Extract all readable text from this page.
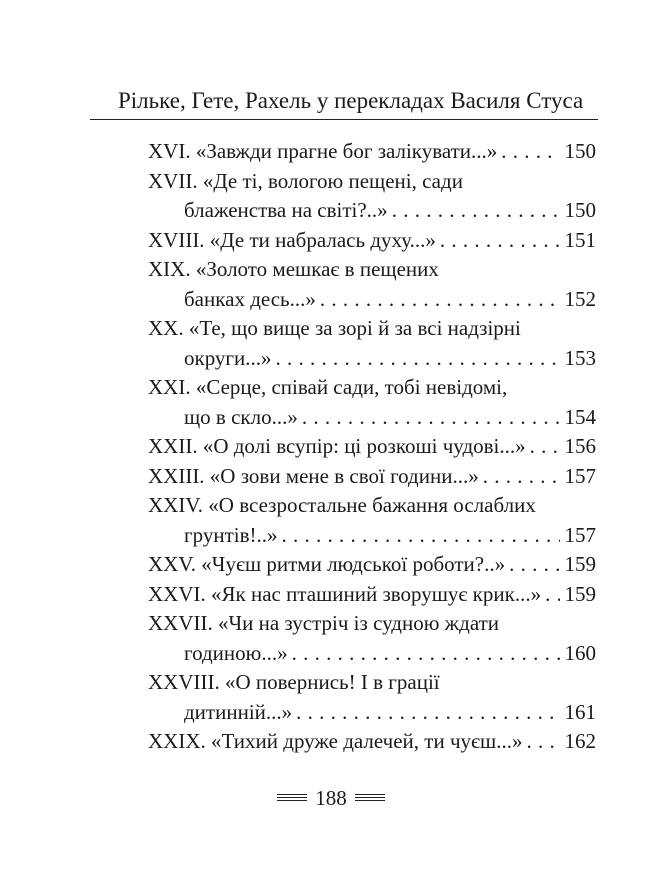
Рільке, Гете, Рахель у перекладах Василя Стуса
XVI. «Завжди прагне бог залікувати...» . . .	150
XVII. «Де ті, вологою пещені, сади
блаженства на світі?..» . . .	150
XVIII. «Де ти набралась духу...» . . .	151
XIX. «Золото мешкає в пещених
банках десь...» . . .	152
XX. «Те, що вище за зорі й за всі надзірні
округи...» . . .	153
XXI. «Серце, співай сади, тобі невідомі,
що в скло...» . . .	154
XXII. «О долі всупір: ці розкоші чудові...» . . . 156
XXIII. «О зови мене в свої години...» . . .	157
XXIV. «О всезростальне бажання ослаблих
грунтів!..» . . .	157
XXV. «Чуєш ритми людської роботи?..» . . .	159
XXVI. «Як нас пташиний зворушує крик...» . . . 159
XXVII. «Чи на зустріч із судною ждати
годиною...» . . .	160
XXVIII. «О повернись! І в грації
дитинній...» . . .	161
XXIX. «Тихий друже далечей, ти чуєш...» . . . 162
188
